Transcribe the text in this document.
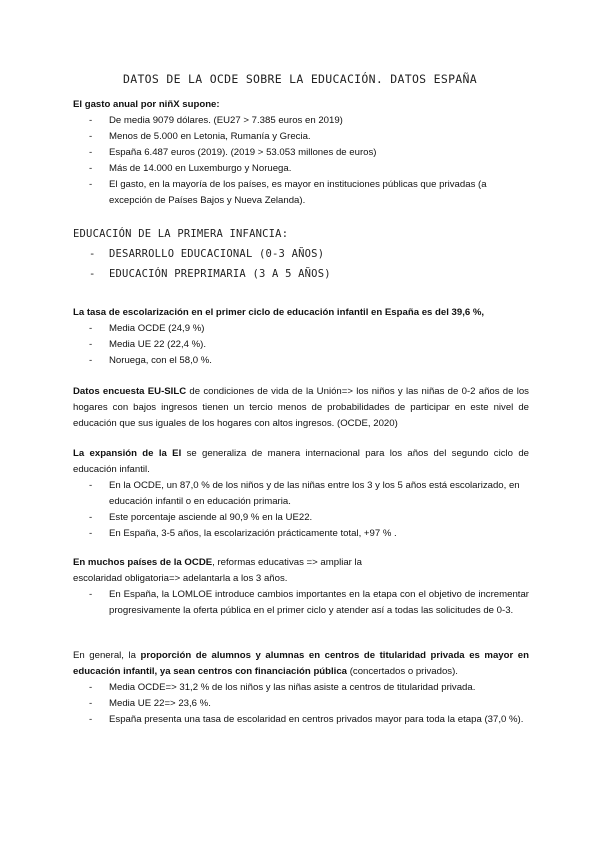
DATOS DE LA OCDE SOBRE LA EDUCACIÓN. DATOS ESPAÑA
El gasto anual por niñX supone:
- De media 9079 dólares. (EU27 > 7.385 euros en 2019)
- Menos de 5.000 en Letonia, Rumanía y Grecia.
- España 6.487 euros (2019). (2019 > 53.053 millones de euros)
- Más de 14.000 en Luxemburgo y Noruega.
- El gasto, en la mayoría de los países, es mayor en instituciones públicas que privadas (a excepción de Países Bajos y Nueva Zelanda).
EDUCACIÓN DE LA PRIMERA INFANCIA:
- DESARROLLO EDUCACIONAL (0-3 AÑOS)
- EDUCACIÓN PREPRIMARIA (3 A 5 AÑOS)
La tasa de escolarización en el primer ciclo de educación infantil en España es del 39,6 %,
- Media OCDE (24,9 %)
- Media UE 22 (22,4 %).
- Noruega, con el 58,0 %.
Datos encuesta EU-SILC de condiciones de vida de la Unión=> los niños y las niñas de 0-2 años de los hogares con bajos ingresos tienen un tercio menos de probabilidades de participar en este nivel de educación que sus iguales de los hogares con altos ingresos. (OCDE, 2020)
La expansión de la EI se generaliza de manera internacional para los años del segundo ciclo de educación infantil.
- En la OCDE, un 87,0 % de los niños y de las niñas entre los 3 y los 5 años está escolarizado, en educación infantil o en educación primaria.
- Este porcentaje asciende al 90,9 % en la UE22.
- En España, 3-5 años, la escolarización prácticamente total, +97 % .
En muchos países de la OCDE, reformas educativas => ampliar la
escolaridad obligatoria=> adelantarla a los 3 años.
- En España, la LOMLOE introduce cambios importantes en la etapa con el objetivo de incrementar progresivamente la oferta pública en el primer ciclo y atender así a todas las solicitudes de 0-3.
En general, la proporción de alumnos y alumnas en centros de titularidad privada es mayor en educación infantil, ya sean centros con financiación pública (concertados o privados).
- Media OCDE=> 31,2 % de los niños y las niñas asiste a centros de titularidad privada.
- Media UE 22=> 23,6 %.
- España presenta una tasa de escolaridad en centros privados mayor para toda la etapa (37,0 %).
